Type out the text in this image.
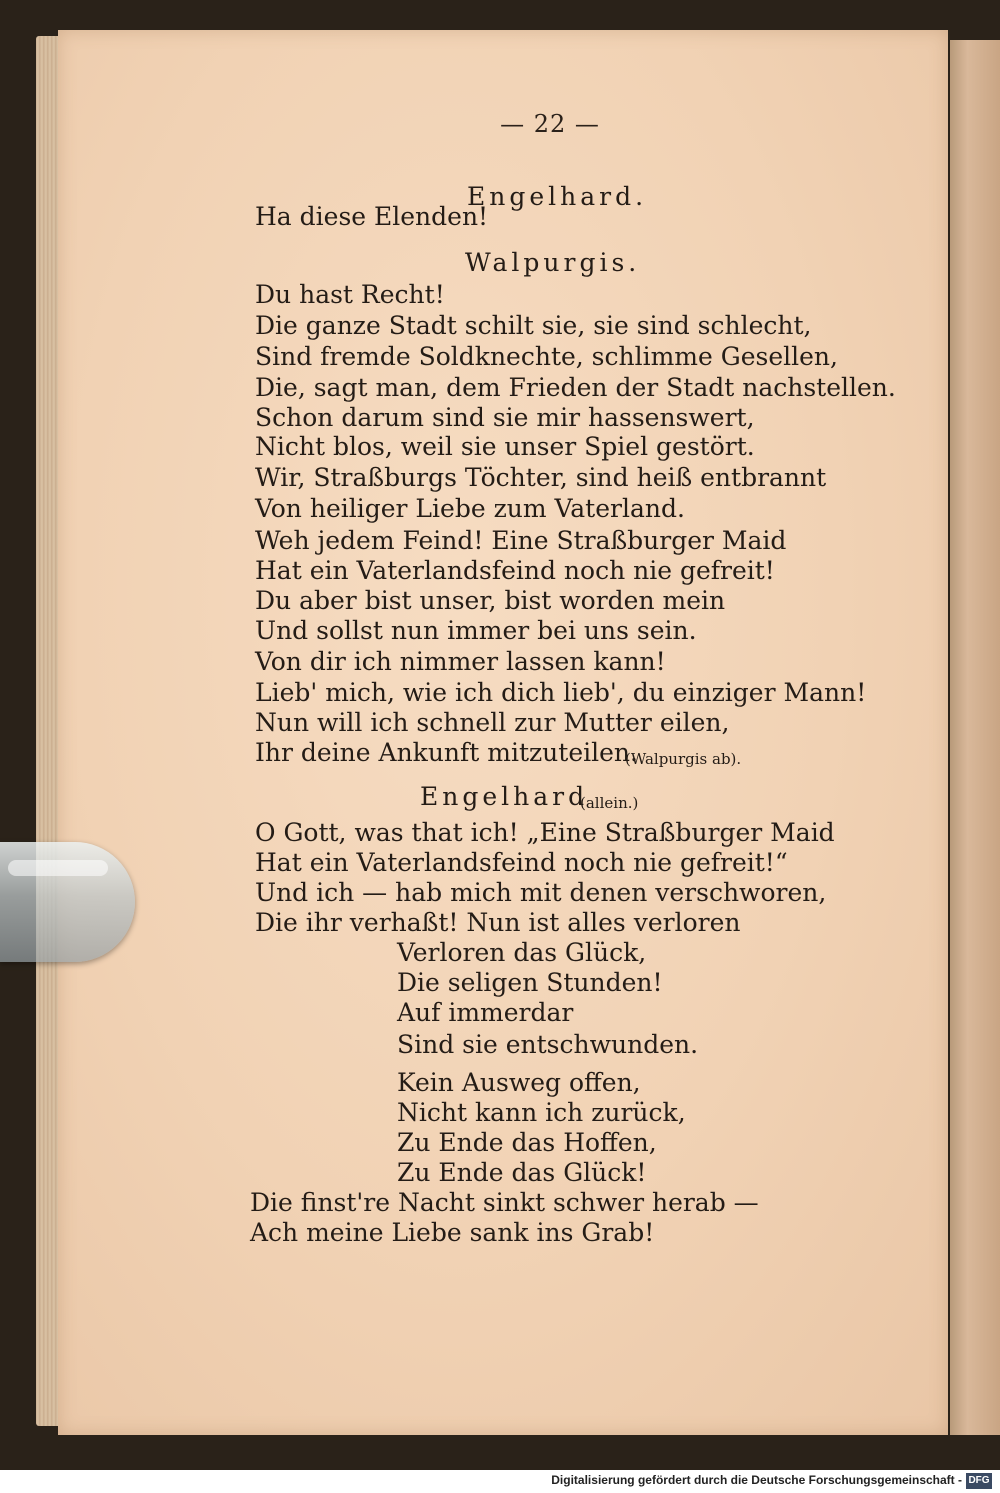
— 22 —
Engelhard.
Ha diese Elenden!
Walpurgis.
Du hast Recht!
Die ganze Stadt schilt sie, sie sind schlecht,
Sind fremde Soldknechte, schlimme Gesellen,
Die, sagt man, dem Frieden der Stadt nachstellen.
Schon darum sind sie mir hassenswert,
Nicht blos, weil sie unser Spiel gestört.
Wir, Straßburgs Töchter, sind heiß entbrannt
Von heiliger Liebe zum Vaterland.
Weh jedem Feind! Eine Straßburger Maid
Hat ein Vaterlandsfeind noch nie gefreit!
Du aber bist unser, bist worden mein
Und sollst nun immer bei uns sein.
Von dir ich nimmer lassen kann!
Lieb' mich, wie ich dich lieb', du einziger Mann!
Nun will ich schnell zur Mutter eilen,
Ihr deine Ankunft mitzuteilen.
(Walpurgis ab).
Engelhard
(allein.)
O Gott, was that ich! „Eine Straßburger Maid
Hat ein Vaterlandsfeind noch nie gefreit!“
Und ich — hab mich mit denen verschworen,
Die ihr verhaßt! Nun ist alles verloren
Verloren das Glück,
Die seligen Stunden!
Auf immerdar
Sind sie entschwunden.
Kein Ausweg offen,
Nicht kann ich zurück,
Zu Ende das Hoffen,
Zu Ende das Glück!
Die finst're Nacht sinkt schwer herab —
Ach meine Liebe sank ins Grab!
Digitalisierung gefördert durch die Deutsche Forschungsgemeinschaft - DFG
